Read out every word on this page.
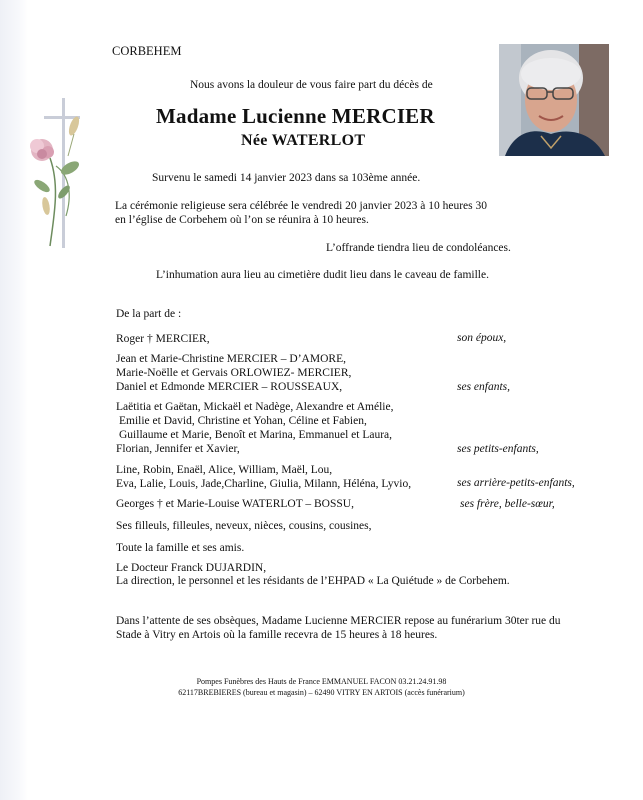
CORBEHEM
Nous avons la douleur de vous faire part du décès de
Madame Lucienne MERCIER
Née WATERLOT
Survenu le samedi 14 janvier 2023 dans sa 103ème année.
La cérémonie religieuse sera célébrée le vendredi 20 janvier 2023 à 10 heures 30
en l’église de Corbehem où l’on se réunira à 10 heures.
L’offrande tiendra lieu de condoléances.
L’inhumation aura lieu au cimetière dudit lieu dans le caveau de famille.
De la part de :
Roger † MERCIER,	son époux,
Jean et Marie-Christine MERCIER – D’AMORE,
Marie-Noëlle et Gervais ORLOWIEZ- MERCIER,
Daniel et Edmonde MERCIER – ROUSSEAUX,	ses enfants,
Laëtitia et Gaëtan, Mickaël et Nadège, Alexandre et Amélie,
Emilie et David, Christine et Yohan, Céline et Fabien,
Guillaume et Marie, Benoît et Marina, Emmanuel et Laura,
Florian, Jennifer et Xavier,	ses petits-enfants,
Line, Robin, Enaël, Alice, William, Maël, Lou,
Eva, Lalie, Louis, Jade,Charline, Giulia, Milann, Héléna, Lyvio,	ses arrière-petits-enfants,
Georges † et Marie-Louise WATERLOT – BOSSU,	ses frère, belle-sœur,
Ses filleuls, filleules, neveux, nièces, cousins, cousines,
Toute la famille et ses amis.
Le Docteur Franck DUJARDIN,
La direction, le personnel et les résidants de l’EHPAD « La Quiétude » de Corbehem.
Dans l’attente de ses obsèques, Madame Lucienne MERCIER repose au funérarium 30ter rue du
Stade à Vitry en Artois où la famille recevra de 15 heures à 18 heures.
Pompes Funèbres des Hauts de France EMMANUEL FACON 03.21.24.91.98
62117BREBIERES (bureau et magasin) – 62490 VITRY EN ARTOIS (accès funérarium)
